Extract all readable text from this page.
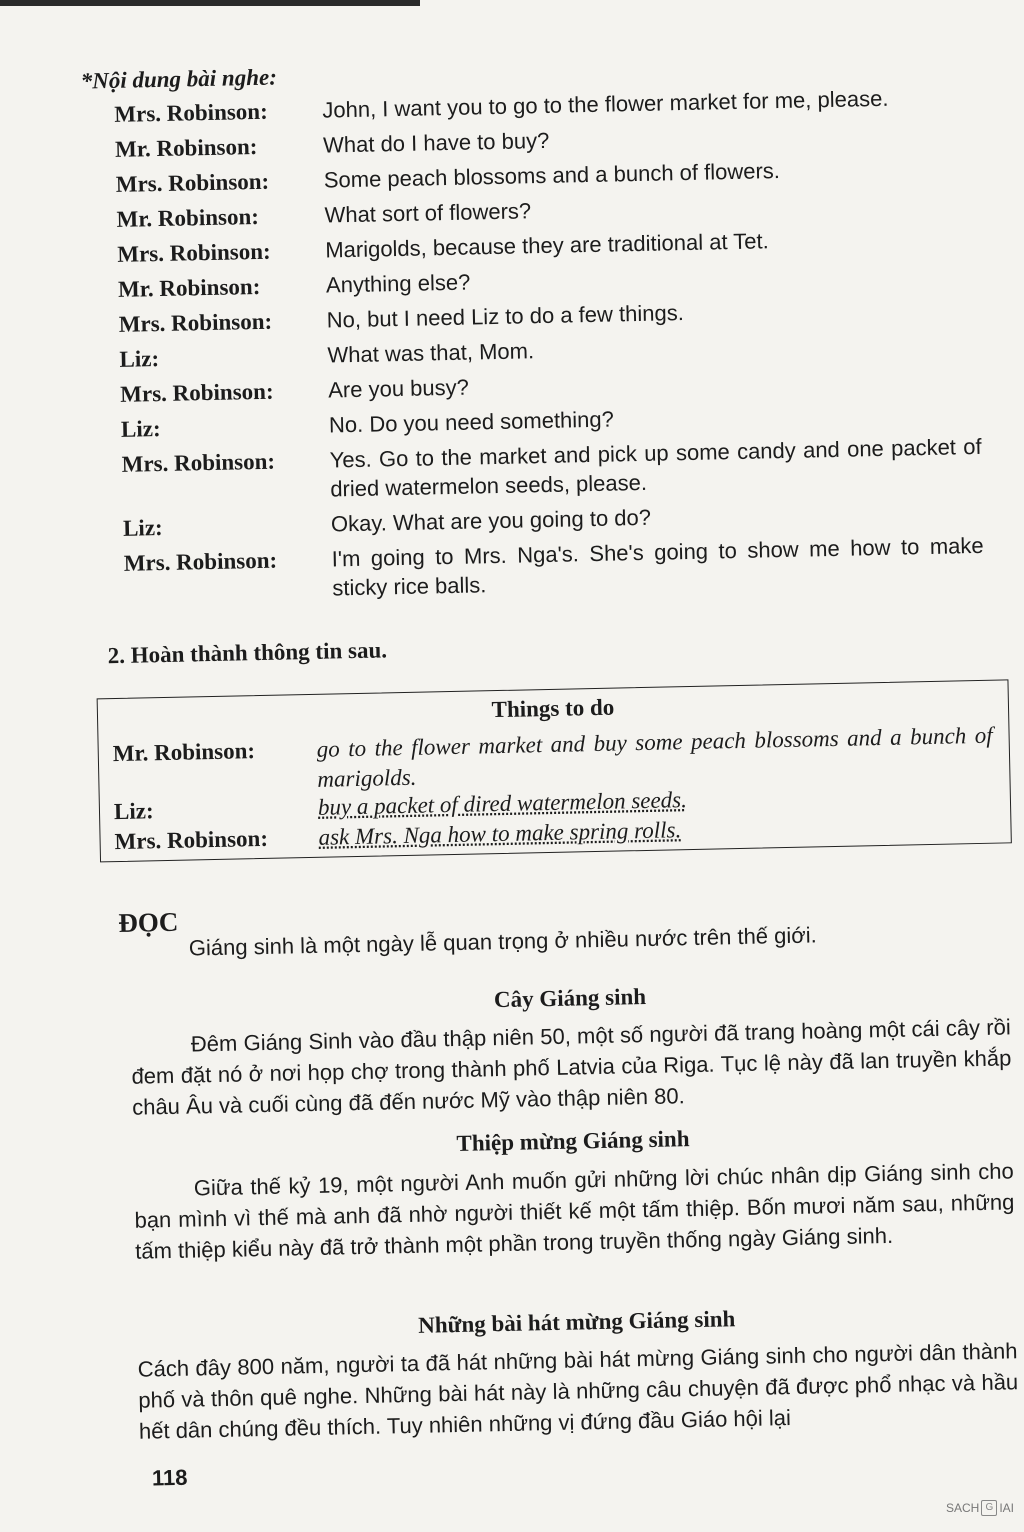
*Nội dung bài nghe:
Mrs. Robinson:	John, I want you to go to the flower market for me, please.
Mr. Robinson:	What do I have to buy?
Mrs. Robinson:	Some peach blossoms and a bunch of flowers.
Mr. Robinson:	What sort of flowers?
Mrs. Robinson:	Marigolds, because they are traditional at Tet.
Mr. Robinson:	Anything else?
Mrs. Robinson:	No, but I need Liz to do a few things.
Liz:	What was that, Mom.
Mrs. Robinson:	Are you busy?
Liz:	No. Do you need something?
Mrs. Robinson:	Yes. Go to the market and pick up some candy and one packet of dried watermelon seeds, please.
Liz:	Okay. What are you going to do?
Mrs. Robinson:	I'm going to Mrs. Nga's. She's going to show me how to make sticky rice balls.
2. Hoàn thành thông tin sau.
Things to do
Mr. Robinson:	go to the flower market and buy some peach blossoms and a bunch of marigolds.
Liz:	buy a packet of dired watermelon seeds.
Mrs. Robinson:	ask Mrs. Nga how to make spring rolls.
ĐỌC
Giáng sinh là một ngày lễ quan trọng ở nhiều nước trên thế giới.
Cây Giáng sinh
Đêm Giáng Sinh vào đầu thập niên 50, một số người đã trang hoàng một cái cây rồi đem đặt nó ở nơi họp chợ trong thành phố Latvia của Riga. Tục lệ này đã lan truyền khắp châu Âu và cuối cùng đã đến nước Mỹ vào thập niên 80.
Thiệp mừng Giáng sinh
Giữa thế kỷ 19, một người Anh muốn gửi những lời chúc nhân dịp Giáng sinh cho bạn mình vì thế mà anh đã nhờ người thiết kế một tấm thiệp. Bốn mươi năm sau, những tấm thiệp kiểu này đã trở thành một phần trong truyền thống ngày Giáng sinh.
Những bài hát mừng Giáng sinh
Cách đây 800 năm, người ta đã hát những bài hát mừng Giáng sinh cho người dân thành phố và thôn quê nghe. Những bài hát này là những câu chuyện đã được phổ nhạc và hầu hết dân chúng đều thích. Tuy nhiên những vị đứng đầu Giáo hội lại
118
SACH G IAI
